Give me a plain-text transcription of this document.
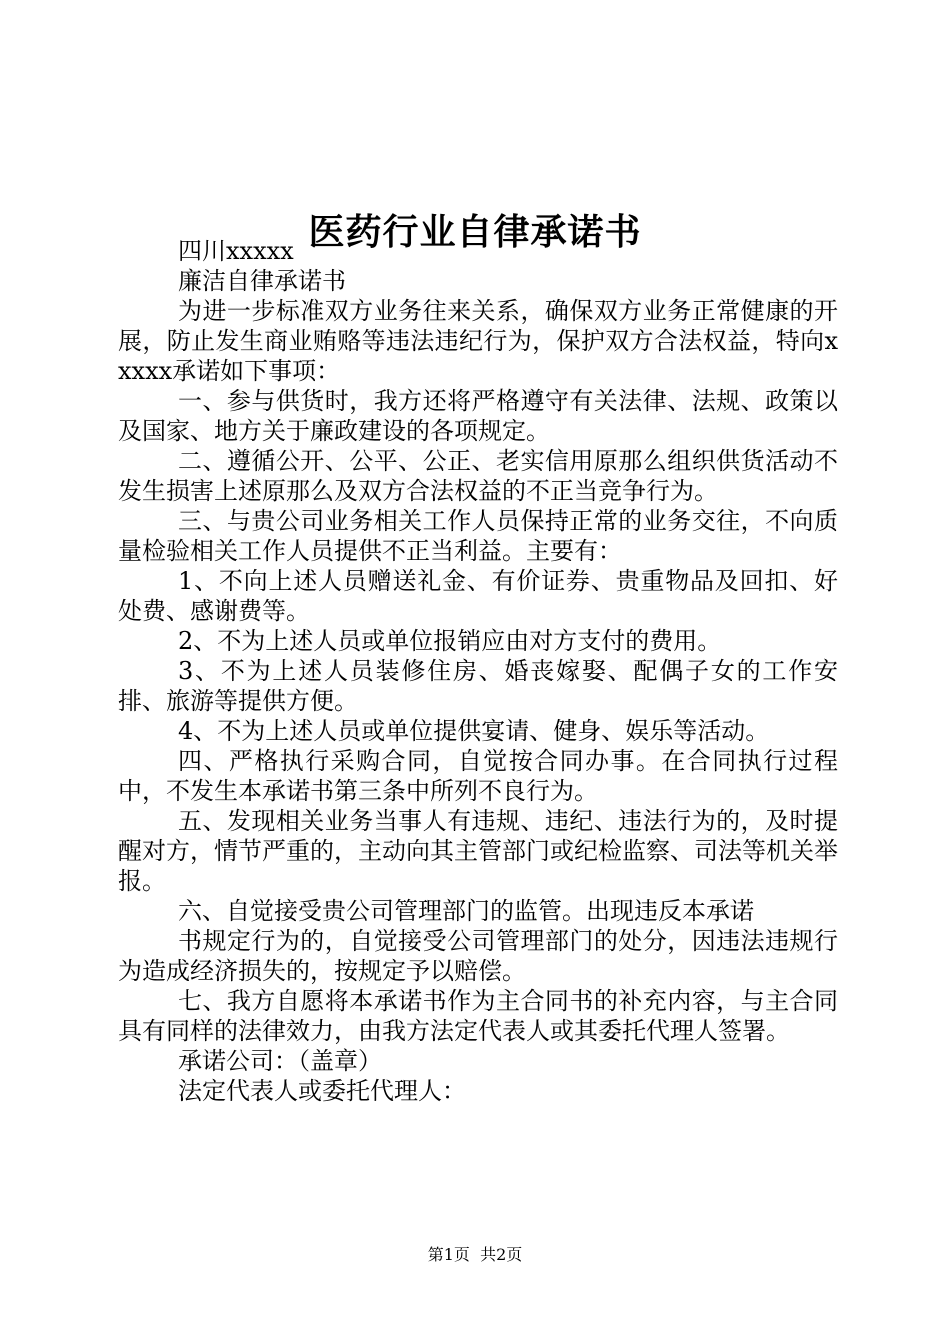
医药行业自律承诺书

四川xxxxx

廉洁自律承诺书

为进一步标准双方业务往来关系，确保双方业务正常健康的开展，防止发生商业贿赂等违法违纪行为，保护双方合法权益，特向xxxxx承诺如下事项：

一、参与供货时，我方还将严格遵守有关法律、法规、政策以及国家、地方关于廉政建设的各项规定。

二、遵循公开、公平、公正、老实信用原那么组织供货活动不发生损害上述原那么及双方合法权益的不正当竞争行为。

三、与贵公司业务相关工作人员保持正常的业务交往，不向质量检验相关工作人员提供不正当利益。主要有：

1、不向上述人员赠送礼金、有价证券、贵重物品及回扣、好处费、感谢费等。

2、不为上述人员或单位报销应由对方支付的费用。

3、不为上述人员装修住房、婚丧嫁娶、配偶子女的工作安排、旅游等提供方便。

4、不为上述人员或单位提供宴请、健身、娱乐等活动。

四、严格执行采购合同，自觉按合同办事。在合同执行过程中，不发生本承诺书第三条中所列不良行为。

五、发现相关业务当事人有违规、违纪、违法行为的，及时提醒对方，情节严重的，主动向其主管部门或纪检监察、司法等机关举报。

六、自觉接受贵公司管理部门的监管。出现违反本承诺

书规定行为的，自觉接受公司管理部门的处分，因违法违规行为造成经济损失的，按规定予以赔偿。

七、我方自愿将本承诺书作为主合同书的补充内容，与主合同具有同样的法律效力，由我方法定代表人或其委托代理人签署。

承诺公司：（盖章）

法定代表人或委托代理人：

第1页  共2页
